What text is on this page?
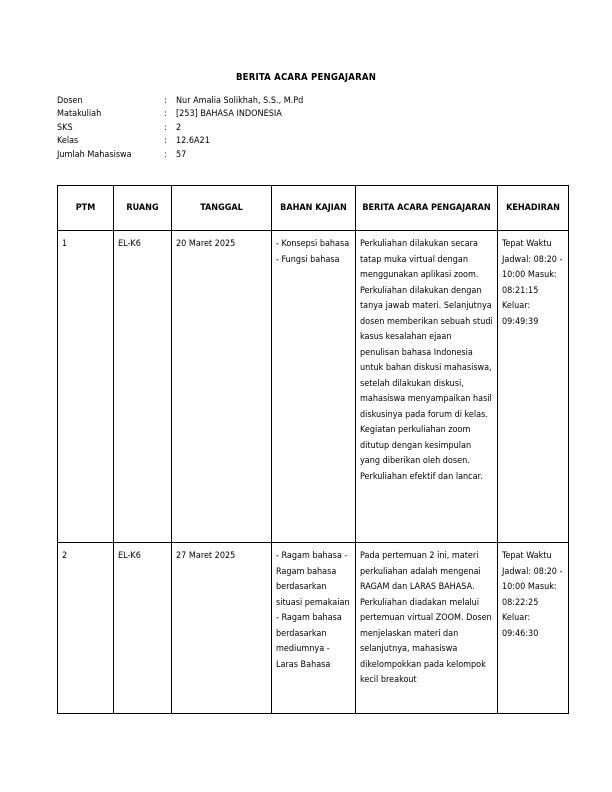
BERITA ACARA PENGAJARAN
Dosen	:	Nur Amalia Solikhah, S.S., M.Pd
Matakuliah	:	[253] BAHASA INDONESIA
SKS	:	2
Kelas	:	12.6A21
Jumlah Mahasiswa	:	57
PTM	RUANG	TANGGAL	BAHAN KAJIAN	BERITA ACARA PENGAJARAN	KEHADIRAN
1	EL-K6	20 Maret 2025	- Konsepsi bahasa - Fungsi bahasa	Perkuliahan dilakukan secara tatap muka virtual dengan menggunakan aplikasi zoom. Perkuliahan dilakukan dengan tanya jawab materi. Selanjutnya dosen memberikan sebuah studi kasus kesalahan ejaan penulisan bahasa Indonesia untuk bahan diskusi mahasiswa, setelah dilakukan diskusi, mahasiswa menyampaikan hasil diskusinya pada forum di kelas. Kegiatan perkuliahan zoom ditutup dengan kesimpulan yang diberikan oleh dosen. Perkuliahan efektif dan lancar.	Tepat Waktu Jadwal: 08:20 - 10:00 Masuk: 08:21:15 Keluar: 09:49:39
2	EL-K6	27 Maret 2025	- Ragam bahasa - Ragam bahasa berdasarkan situasi pemakaian - Ragam bahasa berdasarkan mediumnya - Laras Bahasa	Pada pertemuan 2 ini, materi perkuliahan adalah mengenai RAGAM dan LARAS BAHASA. Perkuliahan diadakan melalui pertemuan virtual ZOOM. Dosen menjelaskan materi dan selanjutnya, mahasiswa dikelompokkan pada kelompok kecil breakout	Tepat Waktu Jadwal: 08:20 - 10:00 Masuk: 08:22:25 Keluar: 09:46:30
